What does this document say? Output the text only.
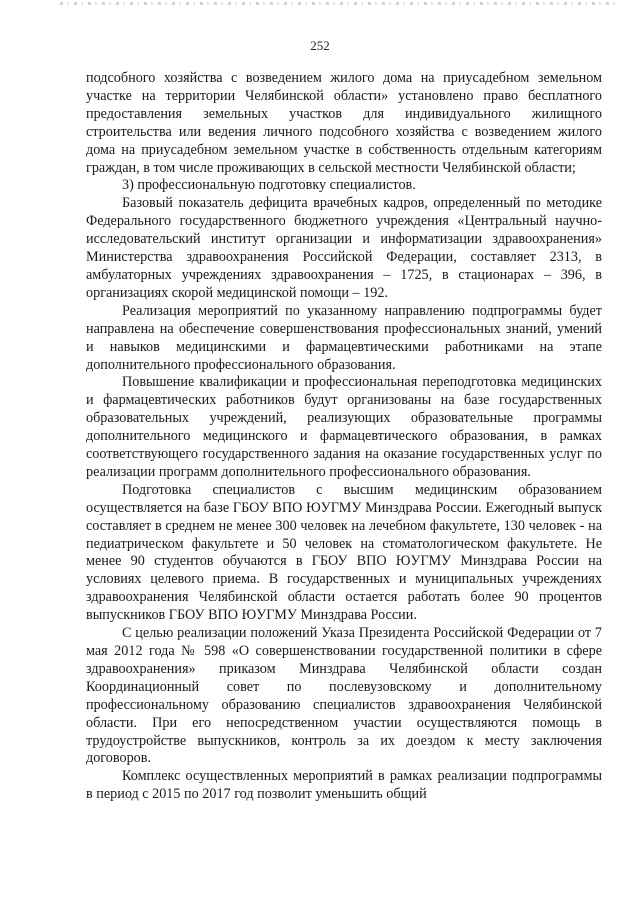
252

подсобного хозяйства с возведением жилого дома на приусадебном земельном участке на территории Челябинской области» установлено право бесплатного предоставления земельных участков для индивидуального жилищного строительства или ведения личного подсобного хозяйства с возведением жилого дома на приусадебном земельном участке в собственность отдельным категориям граждан, в том числе проживающих в сельской местности Челябинской области;

3) профессиональную подготовку специалистов.

Базовый показатель дефицита врачебных кадров, определенный по методике Федерального государственного бюджетного учреждения «Центральный научно-исследовательский институт организации и информатизации здравоохранения» Министерства здравоохранения Российской Федерации, составляет 2313, в амбулаторных учреждениях здравоохранения – 1725, в стационарах – 396, в организациях скорой медицинской помощи – 192.

Реализация мероприятий по указанному направлению подпрограммы будет направлена на обеспечение совершенствования профессиональных знаний, умений и навыков медицинскими и фармацевтическими работниками на этапе дополнительного профессионального образования.

Повышение квалификации и профессиональная переподготовка медицинских и фармацевтических работников будут организованы на базе государственных образовательных учреждений, реализующих образовательные программы дополнительного медицинского и фармацевтического образования, в рамках соответствующего государственного задания на оказание государственных услуг по реализации программ дополнительного профессионального образования.

Подготовка специалистов с высшим медицинским образованием осуществляется на базе ГБОУ ВПО ЮУГМУ Минздрава России. Ежегодный выпуск составляет в среднем не менее 300 человек на лечебном факультете, 130 человек - на педиатрическом факультете и 50 человек на стоматологическом факультете. Не менее 90 студентов обучаются в ГБОУ ВПО ЮУГМУ Минздрава России на условиях целевого приема. В государственных и муниципальных учреждениях здравоохранения Челябинской области остается работать более 90 процентов выпускников ГБОУ ВПО ЮУГМУ Минздрава России.

С целью реализации положений Указа Президента Российской Федерации от 7 мая 2012 года № 598 «О совершенствовании государственной политики в сфере здравоохранения» приказом Минздрава Челябинской области создан Координационный совет по послевузовскому и дополнительному профессиональному образованию специалистов здравоохранения Челябинской области. При его непосредственном участии осуществляются помощь в трудоустройстве выпускников, контроль за их доездом к месту заключения договоров.

Комплекс осуществленных мероприятий в рамках реализации подпрограммы в период с 2015 по 2017 год позволит уменьшить общий
